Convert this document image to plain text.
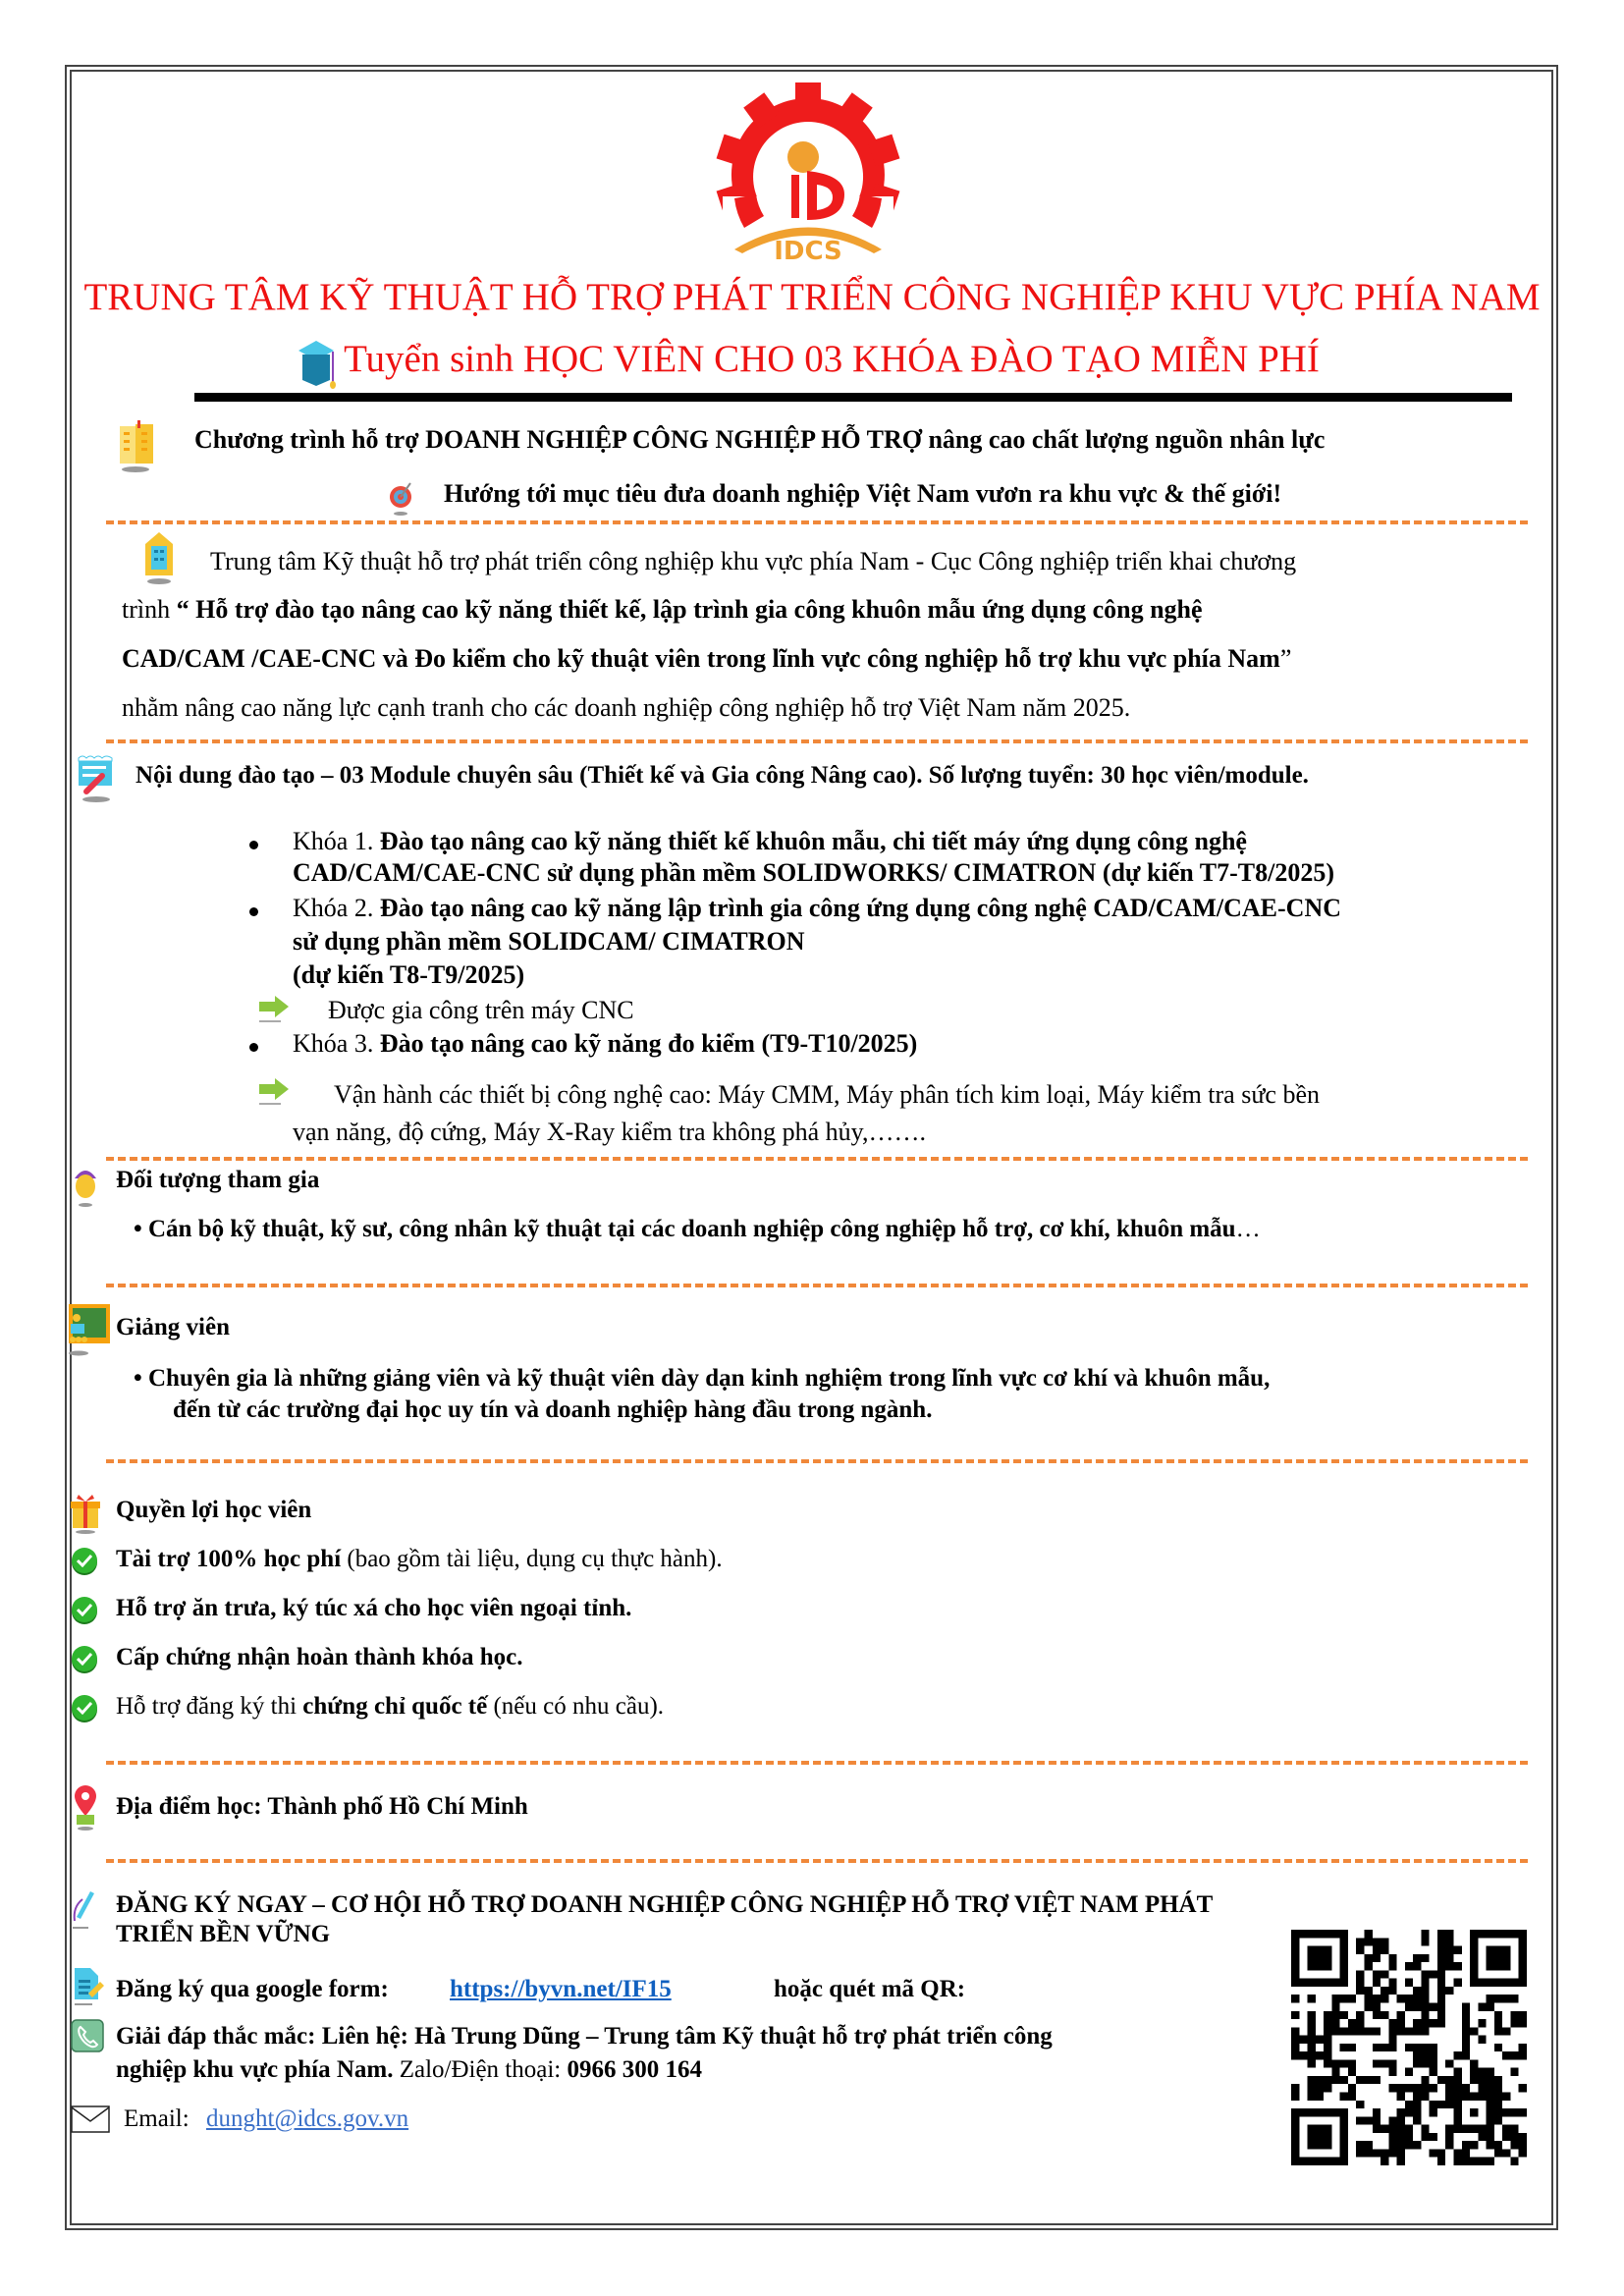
IDCS
TRUNG TÂM KỸ THUẬT HỖ TRỢ PHÁT TRIỂN CÔNG NGHIỆP KHU VỰC PHÍA NAM
Tuyển sinh HỌC VIÊN CHO 03 KHÓA ĐÀO TẠO MIỄN PHÍ
Chương trình hỗ trợ DOANH NGHIỆP CÔNG NGHIỆP HỖ TRỢ nâng cao chất lượng nguồn nhân lực
Hướng tới mục tiêu đưa doanh nghiệp Việt Nam vươn ra khu vực & thế giới!
Trung tâm Kỹ thuật hỗ trợ phát triển công nghiệp khu vực phía Nam - Cục Công nghiệp triển khai chương
trình “ Hỗ trợ đào tạo nâng cao kỹ năng thiết kế, lập trình gia công khuôn mẫu ứng dụng công nghệ
CAD/CAM /CAE-CNC và Đo kiểm cho kỹ thuật viên trong lĩnh vực công nghiệp hỗ trợ khu vực phía Nam”
nhằm nâng cao năng lực cạnh tranh cho các doanh nghiệp công nghiệp hỗ trợ Việt Nam năm 2025.
Nội dung đào tạo – 03 Module chuyên sâu (Thiết kế và Gia công Nâng cao). Số lượng tuyển: 30 học viên/module.
Khóa 1. Đào tạo nâng cao kỹ năng thiết kế khuôn mẫu, chi tiết máy ứng dụng công nghệ
CAD/CAM/CAE-CNC sử dụng phần mềm SOLIDWORKS/ CIMATRON (dự kiến T7-T8/2025)
Khóa 2. Đào tạo nâng cao kỹ năng lập trình gia công ứng dụng công nghệ CAD/CAM/CAE-CNC
sử dụng phần mềm SOLIDCAM/ CIMATRON
(dự kiến T8-T9/2025)
Được gia công trên máy CNC
Khóa 3. Đào tạo nâng cao kỹ năng đo kiểm (T9-T10/2025)
Vận hành các thiết bị công nghệ cao: Máy CMM, Máy phân tích kim loại, Máy kiểm tra sức bền
vạn năng, độ cứng, Máy X-Ray kiểm tra không phá hủy,…….
Đối tượng tham gia
• Cán bộ kỹ thuật, kỹ sư, công nhân kỹ thuật tại các doanh nghiệp công nghiệp hỗ trợ, cơ khí, khuôn mẫu…
Giảng viên
• Chuyên gia là những giảng viên và kỹ thuật viên dày dạn kinh nghiệm trong lĩnh vực cơ khí và khuôn mẫu,
đến từ các trường đại học uy tín và doanh nghiệp hàng đầu trong ngành.
Quyền lợi học viên
Tài trợ 100% học phí (bao gồm tài liệu, dụng cụ thực hành).
Hỗ trợ ăn trưa, ký túc xá cho học viên ngoại tỉnh.
Cấp chứng nhận hoàn thành khóa học.
Hỗ trợ đăng ký thi chứng chỉ quốc tế (nếu có nhu cầu).
Địa điểm học: Thành phố Hồ Chí Minh
ĐĂNG KÝ NGAY – CƠ HỘI HỖ TRỢ DOANH NGHIỆP CÔNG NGHIỆP HỖ TRỢ VIỆT NAM PHÁT
TRIỂN BỀN VỮNG
Đăng ký qua google form: https://byvn.net/IF15	hoặc quét mã QR:
Giải đáp thắc mắc: Liên hệ: Hà Trung Dũng – Trung tâm Kỹ thuật hỗ trợ phát triển công
nghiệp khu vực phía Nam. Zalo/Điện thoại: 0966 300 164
Email: dunght@idcs.gov.vn
